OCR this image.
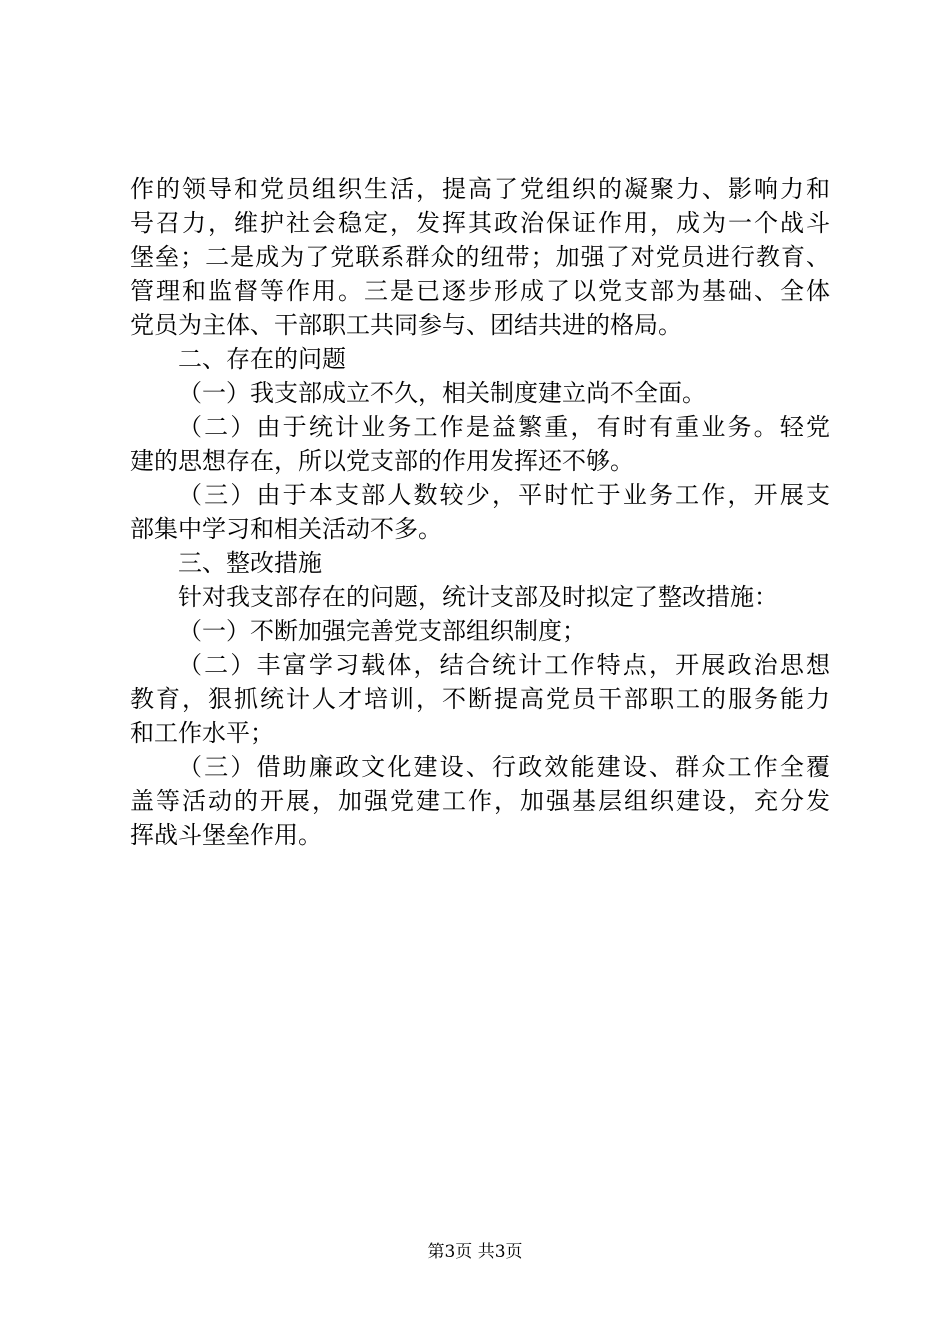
作的领导和党员组织生活，提高了党组织的凝聚力、影响力和
号召力，维护社会稳定，发挥其政治保证作用，成为一个战斗
堡垒；二是成为了党联系群众的纽带；加强了对党员进行教育、
管理和监督等作用。三是已逐步形成了以党支部为基础、全体
党员为主体、干部职工共同参与、团结共进的格局。
二、存在的问题
（一）我支部成立不久，相关制度建立尚不全面。
（二）由于统计业务工作是益繁重，有时有重业务。轻党
建的思想存在，所以党支部的作用发挥还不够。
（三）由于本支部人数较少，平时忙于业务工作，开展支
部集中学习和相关活动不多。
三、整改措施
针对我支部存在的问题，统计支部及时拟定了整改措施：
（一）不断加强完善党支部组织制度；
（二）丰富学习载体，结合统计工作特点，开展政治思想
教育，狠抓统计人才培训，不断提高党员干部职工的服务能力
和工作水平；
（三）借助廉政文化建设、行政效能建设、群众工作全覆
盖等活动的开展，加强党建工作，加强基层组织建设，充分发
挥战斗堡垒作用。
第3页 共3页
